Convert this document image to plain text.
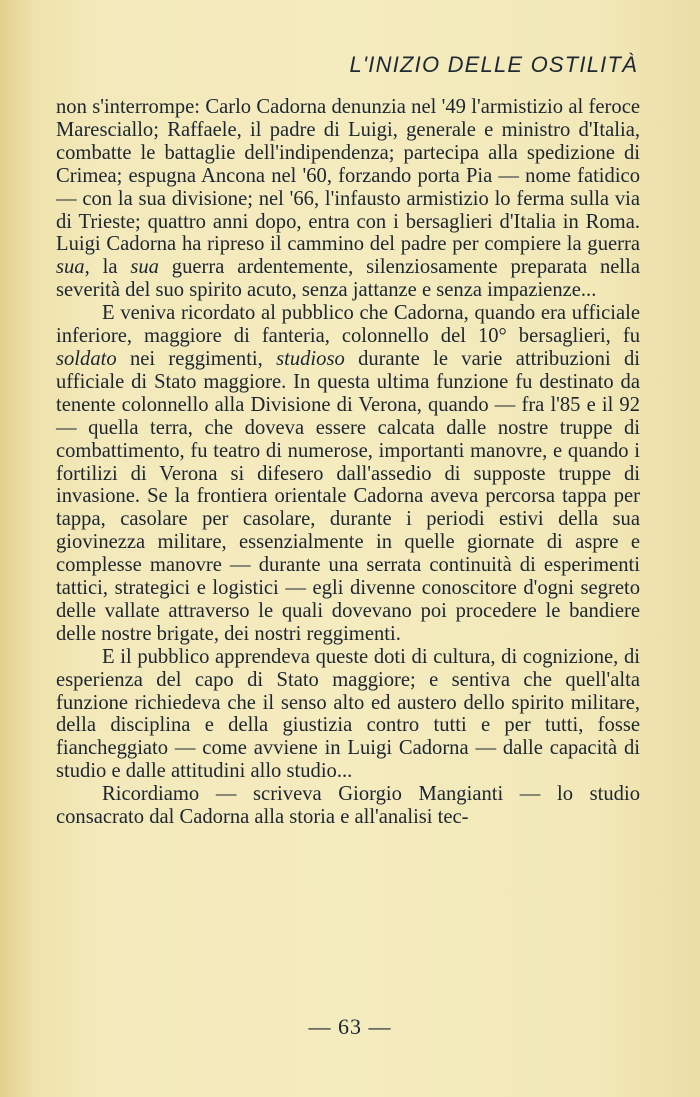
L'INIZIO DELLE OSTILITÀ

non s'interrompe: Carlo Cadorna denunzia nel '49 l'armistizio al feroce Maresciallo; Raffaele, il padre di Luigi, generale e ministro d'Italia, combatte le battaglie dell'indipendenza; partecipa alla spedizione di Crimea; espugna Ancona nel '60, forzando porta Pia — nome fatidico — con la sua divisione; nel '66, l'infausto armistizio lo ferma sulla via di Trieste; quattro anni dopo, entra con i bersaglieri d'Italia in Roma. Luigi Cadorna ha ripreso il cammino del padre per compiere la guerra sua, la sua guerra ardentemente, silenziosamente preparata nella severità del suo spirito acuto, senza jattanze e senza impazienze...

E veniva ricordato al pubblico che Cadorna, quando era ufficiale inferiore, maggiore di fanteria, colonnello del 10° bersaglieri, fu soldato nei reggimenti, studioso durante le varie attribuzioni di ufficiale di Stato maggiore. In questa ultima funzione fu destinato da tenente colonnello alla Divisione di Verona, quando — fra l'85 e il 92 — quella terra, che doveva essere calcata dalle nostre truppe di combattimento, fu teatro di numerose, importanti manovre, e quando i fortilizi di Verona si difesero dall'assedio di supposte truppe di invasione. Se la frontiera orientale Cadorna aveva percorsa tappa per tappa, casolare per casolare, durante i periodi estivi della sua giovinezza militare, essenzialmente in quelle giornate di aspre e complesse manovre — durante una serrata continuità di esperimenti tattici, strategici e logistici — egli divenne conoscitore d'ogni segreto delle vallate attraverso le quali dovevano poi procedere le bandiere delle nostre brigate, dei nostri reggimenti.

E il pubblico apprendeva queste doti di cultura, di cognizione, di esperienza del capo di Stato maggiore; e sentiva che quell'alta funzione richiedeva che il senso alto ed austero dello spirito militare, della disciplina e della giustizia contro tutti e per tutti, fosse fiancheggiato — come avviene in Luigi Cadorna — dalle capacità di studio e dalle attitudini allo studio...

Ricordiamo — scriveva Giorgio Mangianti — lo studio consacrato dal Cadorna alla storia e all'analisi tec-

— 63 —
